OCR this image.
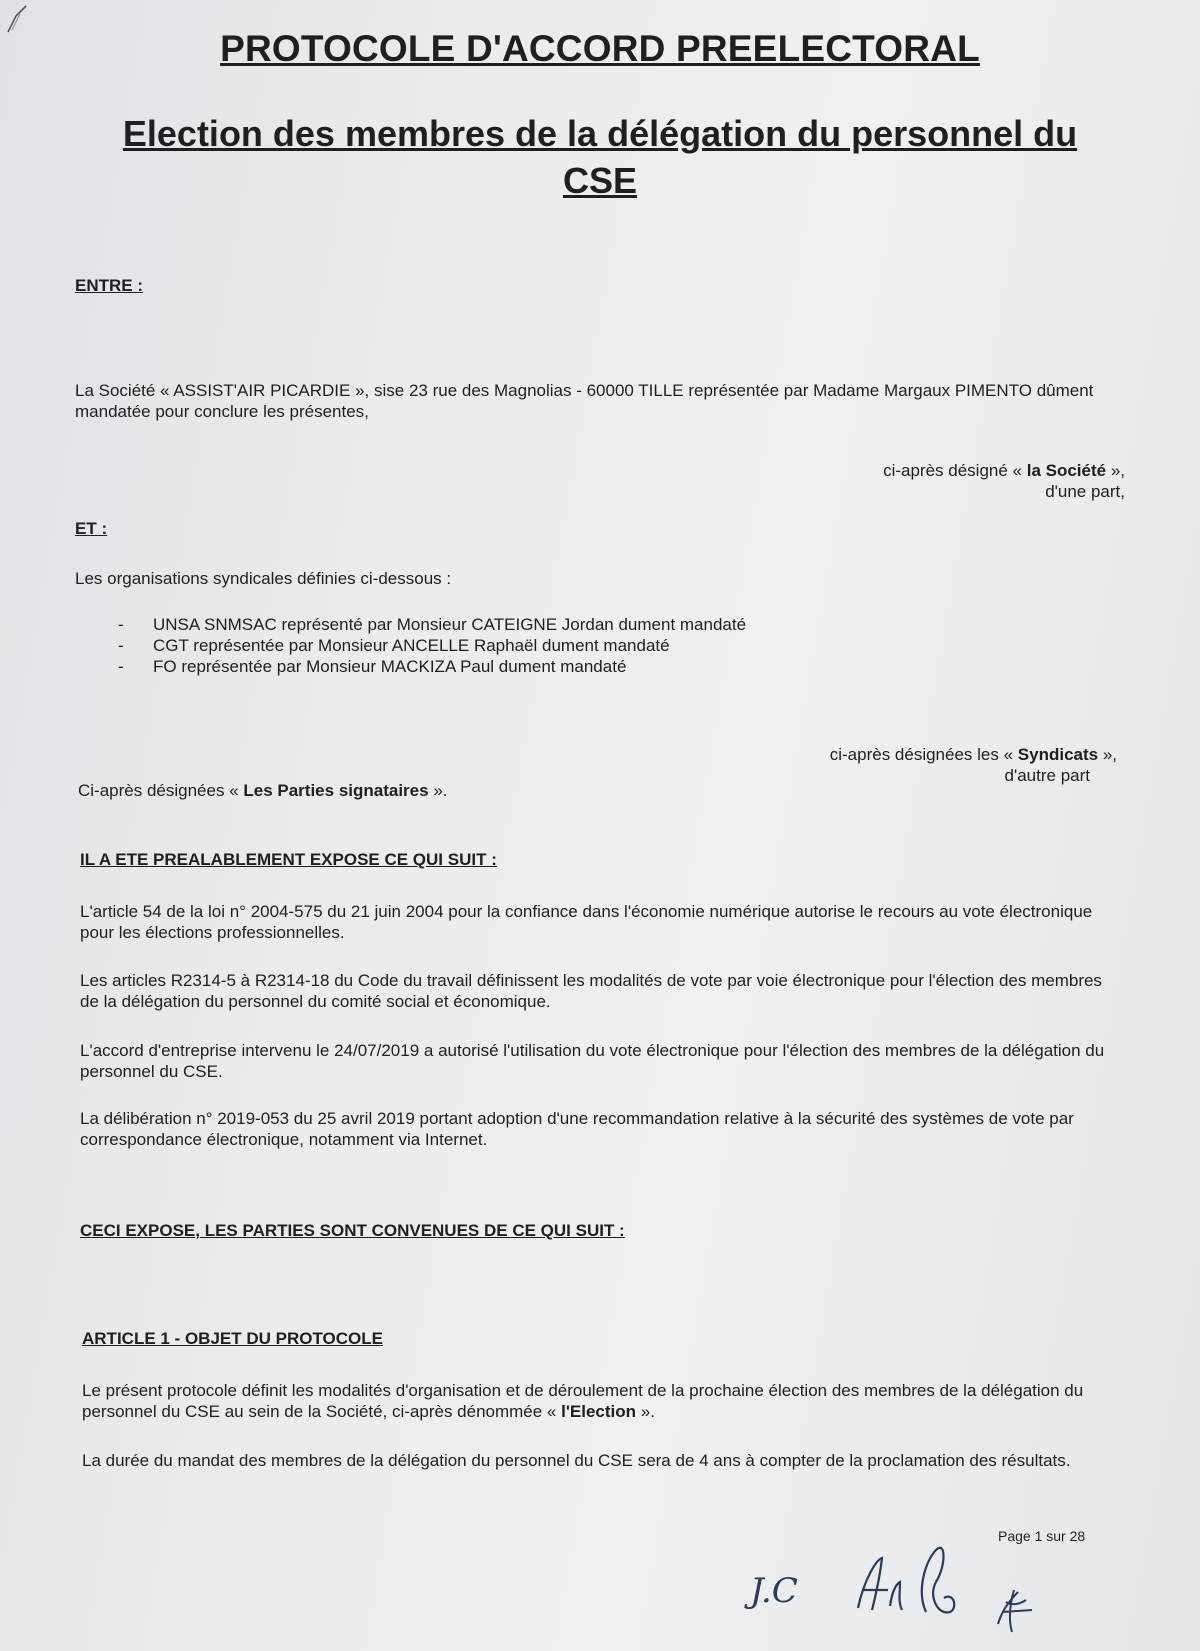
PROTOCOLE D'ACCORD PREELECTORAL
Election des membres de la délégation du personnel du CSE
ENTRE :
La Société « ASSIST'AIR PICARDIE », sise 23 rue des Magnolias - 60000 TILLE représentée par Madame Margaux PIMENTO dûment mandatée pour conclure les présentes,
ci-après désigné « la Société »,
d'une part,
ET :
Les organisations syndicales définies ci-dessous :
-	UNSA SNMSAC représenté par Monsieur CATEIGNE Jordan dument mandaté
-	CGT représentée par Monsieur ANCELLE Raphaël dument mandaté
-	FO représentée par Monsieur MACKIZA Paul dument mandaté
ci-après désignées les « Syndicats »,
d'autre part
Ci-après désignées « Les Parties signataires ».
IL A ETE PREALABLEMENT EXPOSE CE QUI SUIT :
L'article 54 de la loi n° 2004-575 du 21 juin 2004 pour la confiance dans l'économie numérique autorise le recours au vote électronique pour les élections professionnelles.
Les articles R2314-5 à R2314-18 du Code du travail définissent les modalités de vote par voie électronique pour l'élection des membres de la délégation du personnel du comité social et économique.
L'accord d'entreprise intervenu le 24/07/2019 a autorisé l'utilisation du vote électronique pour l'élection des membres de la délégation du personnel du CSE.
La délibération n° 2019-053 du 25 avril 2019 portant adoption d'une recommandation relative à la sécurité des systèmes de vote par correspondance électronique, notamment via Internet.
CECI EXPOSE, LES PARTIES SONT CONVENUES DE CE QUI SUIT :
ARTICLE 1 - OBJET DU PROTOCOLE
Le présent protocole définit les modalités d'organisation et de déroulement de la prochaine élection des membres de la délégation du personnel du CSE au sein de la Société, ci-après dénommée « l'Election ».
La durée du mandat des membres de la délégation du personnel du CSE sera de 4 ans à compter de la proclamation des résultats.
J.C
Page 1 sur 28
